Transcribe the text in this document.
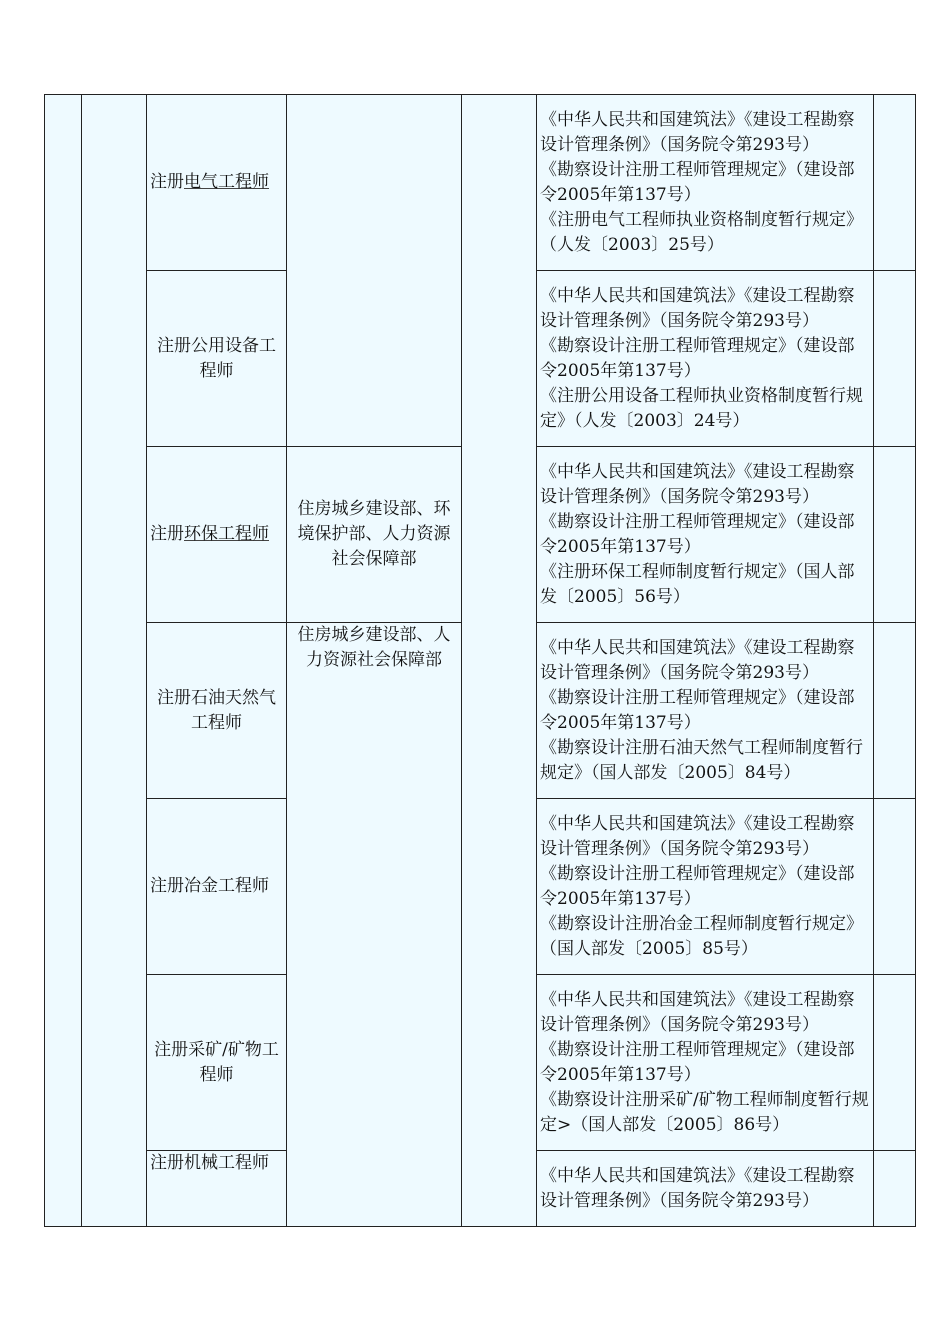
		注册电气工程师			《中华人民共和国建筑法》《建设工程勘察设计管理条例》（国务院令第293号）
《勘察设计注册工程师管理规定》（建设部令2005年第137号）
《注册电气工程师执业资格制度暂行规定》（人发〔2003〕25号）	

		注册公用设备工程师			《中华人民共和国建筑法》《建设工程勘察设计管理条例》（国务院令第293号）
《勘察设计注册工程师管理规定》（建设部令2005年第137号）
《注册公用设备工程师执业资格制度暂行规定》（人发〔2003〕24号）	

		注册环保工程师	住房城乡建设部、环境保护部、人力资源社会保障部		《中华人民共和国建筑法》《建设工程勘察设计管理条例》（国务院令第293号）
《勘察设计注册工程师管理规定》（建设部令2005年第137号）
《注册环保工程师制度暂行规定》（国人部发〔2005〕56号）	

		注册石油天然气工程师	住房城乡建设部、人力资源社会保障部		《中华人民共和国建筑法》《建设工程勘察设计管理条例》（国务院令第293号）
《勘察设计注册工程师管理规定》（建设部令2005年第137号）
《勘察设计注册石油天然气工程师制度暂行规定》（国人部发〔2005〕84号）	

		注册冶金工程师			《中华人民共和国建筑法》《建设工程勘察设计管理条例》（国务院令第293号）
《勘察设计注册工程师管理规定》（建设部令2005年第137号）
《勘察设计注册冶金工程师制度暂行规定》（国人部发〔2005〕85号）	

		注册采矿/矿物工程师			《中华人民共和国建筑法》《建设工程勘察设计管理条例》（国务院令第293号）
《勘察设计注册工程师管理规定》（建设部令2005年第137号）
《勘察设计注册采矿/矿物工程师制度暂行规定>（国人部发〔2005〕86号）	

		注册机械工程师			《中华人民共和国建筑法》《建设工程勘察设计管理条例》（国务院令第293号）	
